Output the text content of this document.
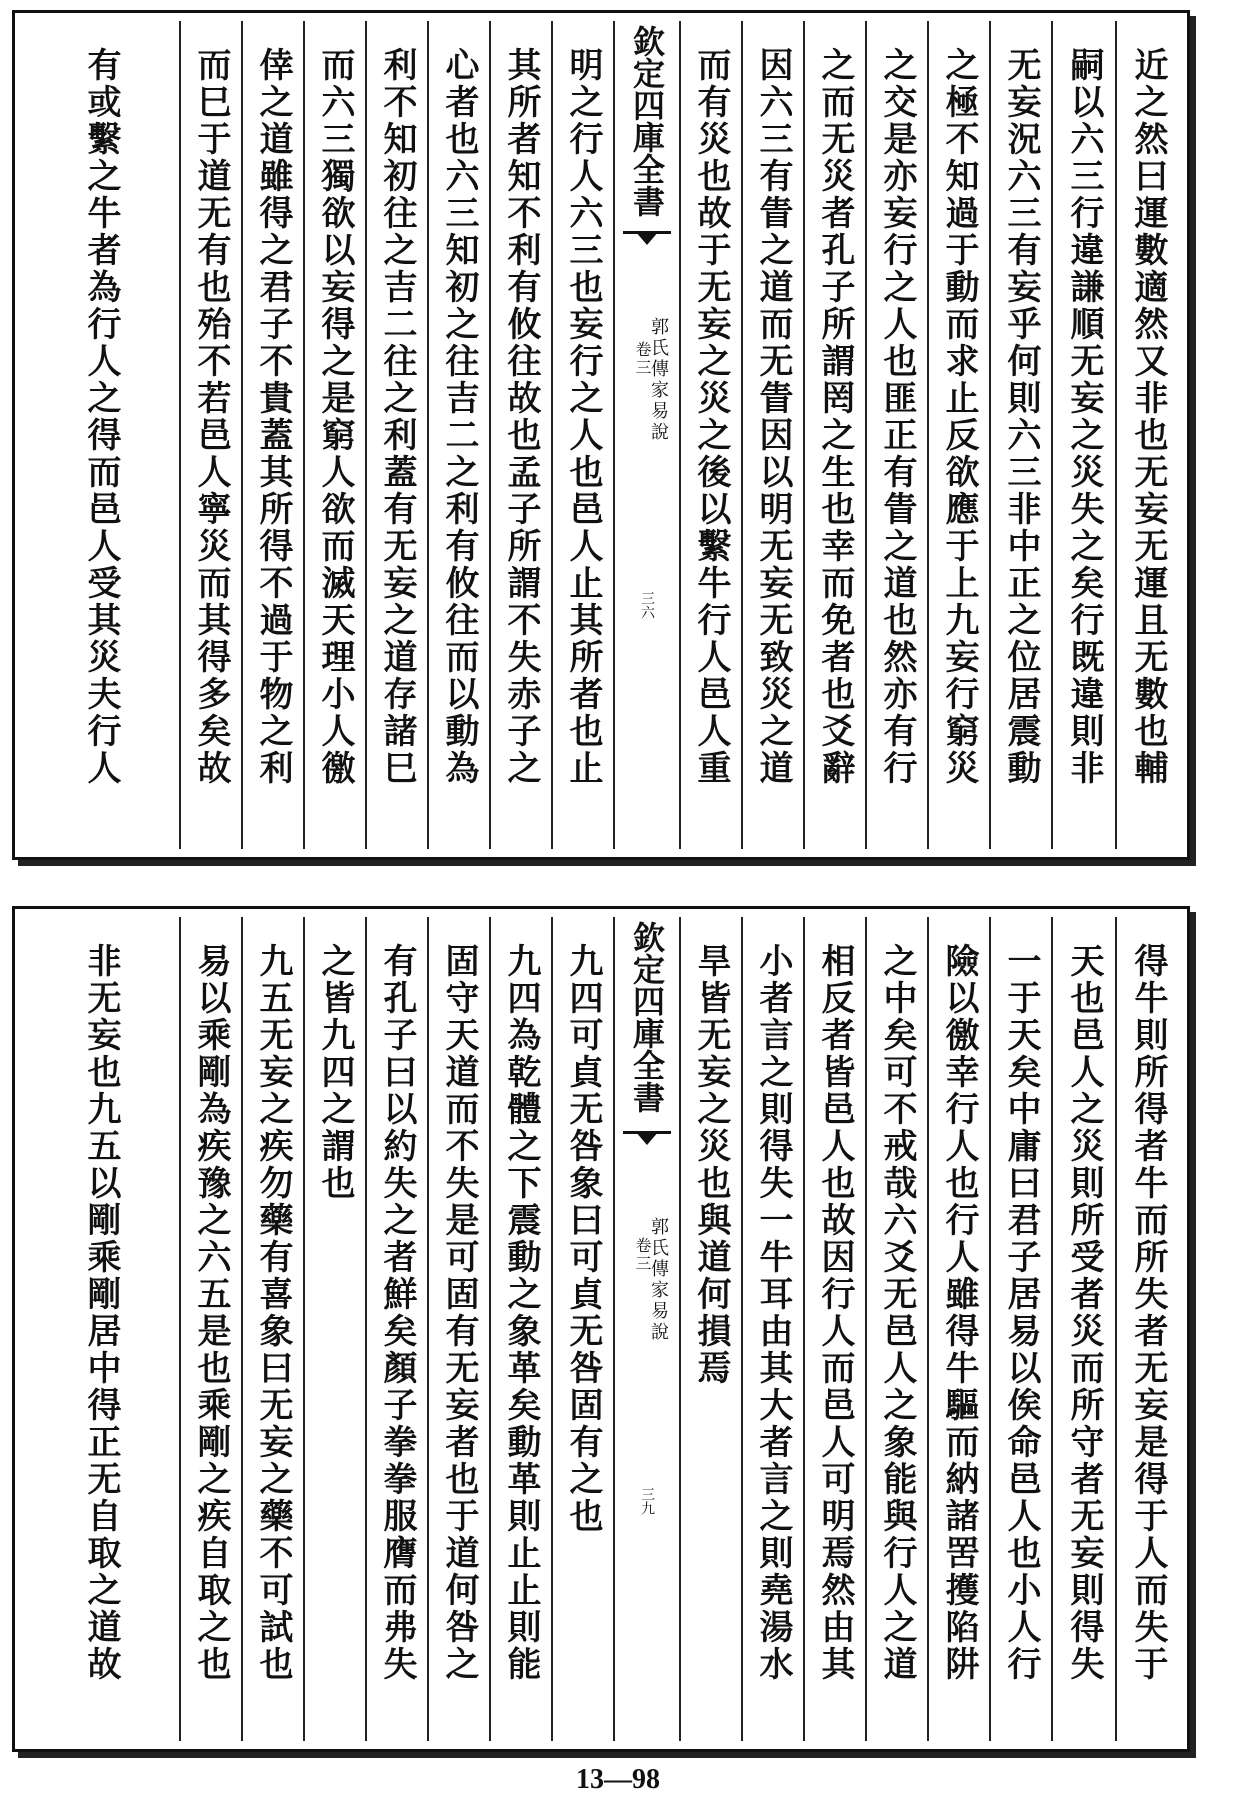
近之然曰運數適然又非也无妄无運且无數也輔
嗣以六三行違謙順无妄之災失之矣行既違則非
无妄況六三有妄乎何則六三非中正之位居震動
之極不知過于動而求止反欲應于上九妄行窮災
之交是亦妄行之人也匪正有眚之道也然亦有行
之而无災者孔子所謂罔之生也幸而免者也爻辭
因六三有眚之道而无眚因以明无妄无致災之道
而有災也故于无妄之災之後以繫牛行人邑人重
欽定四庫全書
郭氏傳家易說
卷三
三六
明之行人六三也妄行之人也邑人止其所者也止
其所者知不利有攸往故也孟子所謂不失赤子之
心者也六三知初之往吉二之利有攸往而以動為
利不知初往之吉二往之利蓋有无妄之道存諸巳
而六三獨欲以妄得之是窮人欲而滅天理小人徼
倖之道雖得之君子不貴蓋其所得不過于物之利
而巳于道无有也殆不若邑人寧災而其得多矣故
有或繫之牛者為行人之得而邑人受其災夫行人
得牛則所得者牛而所失者无妄是得于人而失于
天也邑人之災則所受者災而所守者无妄則得失
一于天矣中庸曰君子居易以俟命邑人也小人行
險以徼幸行人也行人雖得牛驅而納諸罟擭陷阱
之中矣可不戒哉六爻无邑人之象能與行人之道
相反者皆邑人也故因行人而邑人可明焉然由其
小者言之則得失一牛耳由其大者言之則堯湯水
旱皆无妄之災也與道何損焉
欽定四庫全書
郭氏傳家易說
卷三
三九
九四可貞无咎象曰可貞无咎固有之也
九四為乾體之下震動之象革矣動革則止止則能
固守天道而不失是可固有无妄者也于道何咎之
有孔子曰以約失之者鮮矣顏子拳拳服膺而弗失
之皆九四之謂也
九五无妄之疾勿藥有喜象曰无妄之藥不可試也
易以乘剛為疾豫之六五是也乘剛之疾自取之也
非无妄也九五以剛乘剛居中得正无自取之道故
13—98
